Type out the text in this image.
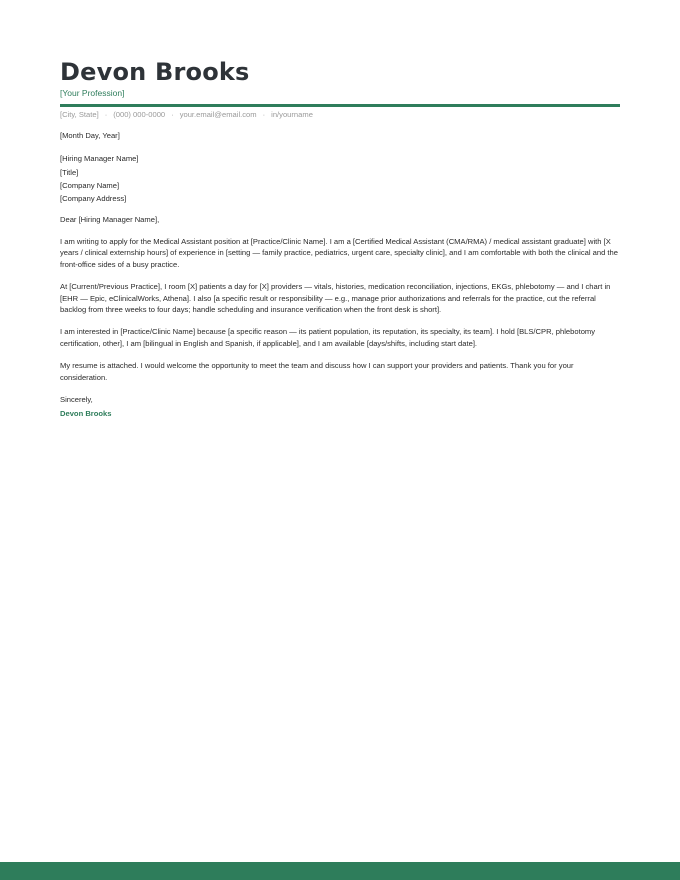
Devon Brooks
[Your Profession]
[City, State] · (000) 000-0000 · your.email@email.com · in/yourname

[Month Day, Year]

[Hiring Manager Name]
[Title]
[Company Name]
[Company Address]

Dear [Hiring Manager Name],

I am writing to apply for the Medical Assistant position at [Practice/Clinic Name]. I am a [Certified Medical Assistant (CMA/RMA) / medical assistant graduate] with [X years / clinical externship hours] of experience in [setting — family practice, pediatrics, urgent care, specialty clinic], and I am comfortable with both the clinical and the front-office sides of a busy practice.

At [Current/Previous Practice], I room [X] patients a day for [X] providers — vitals, histories, medication reconciliation, injections, EKGs, phlebotomy — and I chart in [EHR — Epic, eClinicalWorks, Athena]. I also [a specific result or responsibility — e.g., manage prior authorizations and referrals for the practice, cut the referral backlog from three weeks to four days; handle scheduling and insurance verification when the front desk is short].

I am interested in [Practice/Clinic Name] because [a specific reason — its patient population, its reputation, its specialty, its team]. I hold [BLS/CPR, phlebotomy certification, other], I am [bilingual in English and Spanish, if applicable], and I am available [days/shifts, including start date].

My resume is attached. I would welcome the opportunity to meet the team and discuss how I can support your providers and patients. Thank you for your consideration.

Sincerely,

Devon Brooks
